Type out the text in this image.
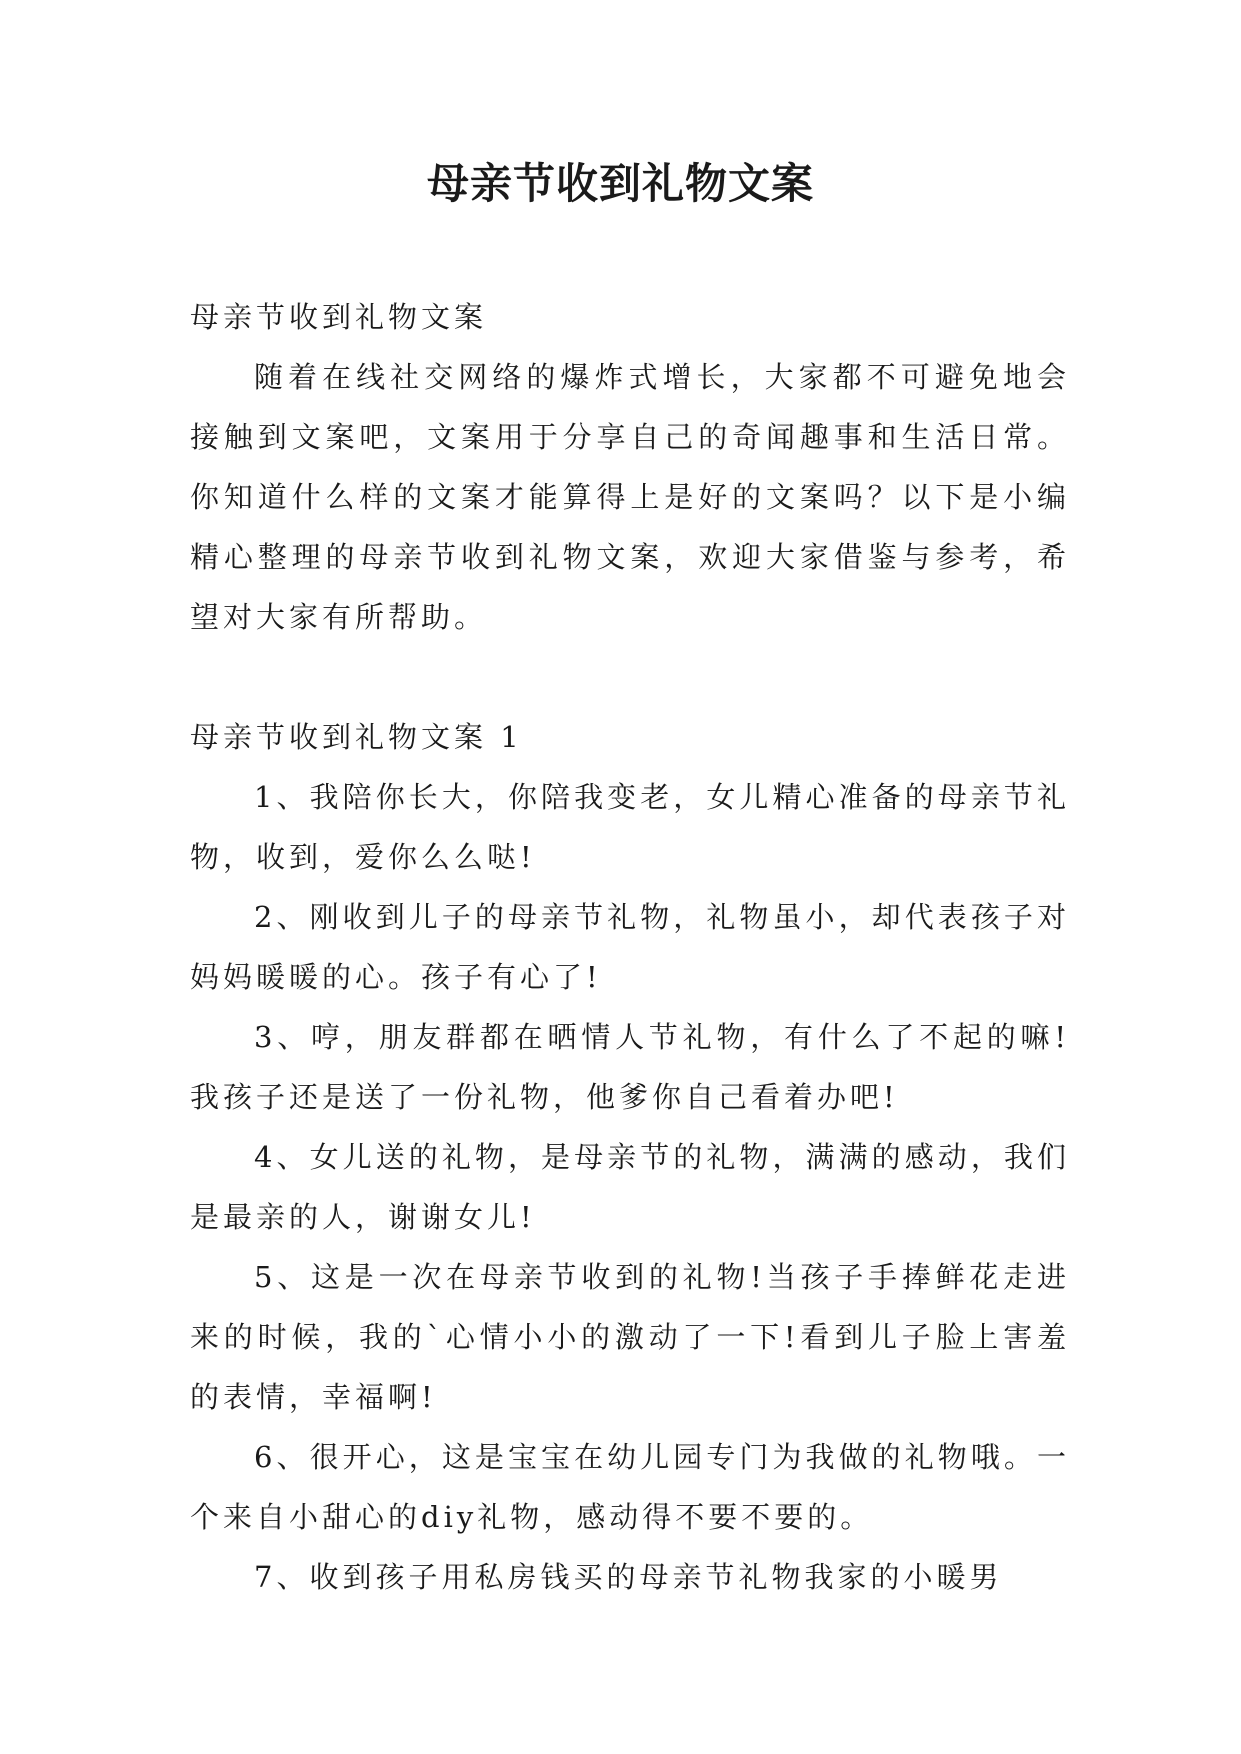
母亲节收到礼物文案

母亲节收到礼物文案

随着在线社交网络的爆炸式增长，大家都不可避免地会接触到文案吧，文案用于分享自己的奇闻趣事和生活日常。你知道什么样的文案才能算得上是好的文案吗？以下是小编精心整理的母亲节收到礼物文案，欢迎大家借鉴与参考，希望对大家有所帮助。

母亲节收到礼物文案 1

1、我陪你长大，你陪我变老，女儿精心准备的母亲节礼物，收到，爱你么么哒!

2、刚收到儿子的母亲节礼物，礼物虽小，却代表孩子对妈妈暖暖的心。孩子有心了!

3、哼，朋友群都在晒情人节礼物，有什么了不起的嘛!我孩子还是送了一份礼物，他爹你自己看着办吧!

4、女儿送的礼物，是母亲节的礼物，满满的感动，我们是最亲的人，谢谢女儿!

5、这是一次在母亲节收到的礼物!当孩子手捧鲜花走进来的时候，我的`心情小小的激动了一下!看到儿子脸上害羞的表情，幸福啊!

6、很开心，这是宝宝在幼儿园专门为我做的礼物哦。一个来自小甜心的diy礼物，感动得不要不要的。

7、收到孩子用私房钱买的母亲节礼物我家的小暖男
